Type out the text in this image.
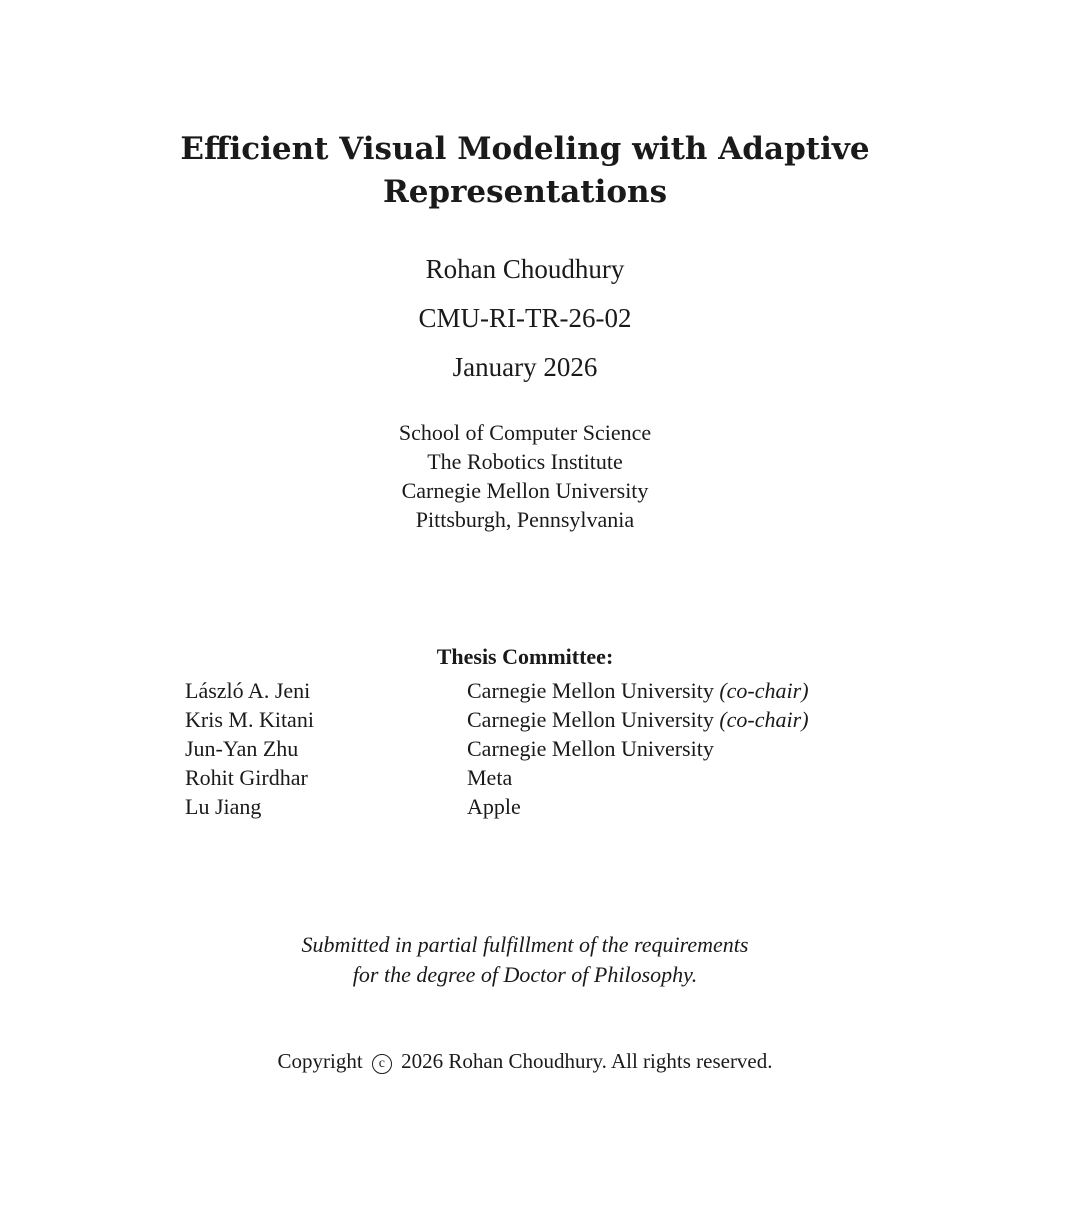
Efficient Visual Modeling with Adaptive
Representations
Rohan Choudhury
CMU-RI-TR-26-02
January 2026
School of Computer Science
The Robotics Institute
Carnegie Mellon University
Pittsburgh, Pennsylvania
Thesis Committee:
László A. Jeni	Carnegie Mellon University (co-chair)
Kris M. Kitani	Carnegie Mellon University (co-chair)
Jun-Yan Zhu	Carnegie Mellon University
Rohit Girdhar	Meta
Lu Jiang	Apple
Submitted in partial fulfillment of the requirements
for the degree of Doctor of Philosophy.
Copyright c 2026 Rohan Choudhury. All rights reserved.
